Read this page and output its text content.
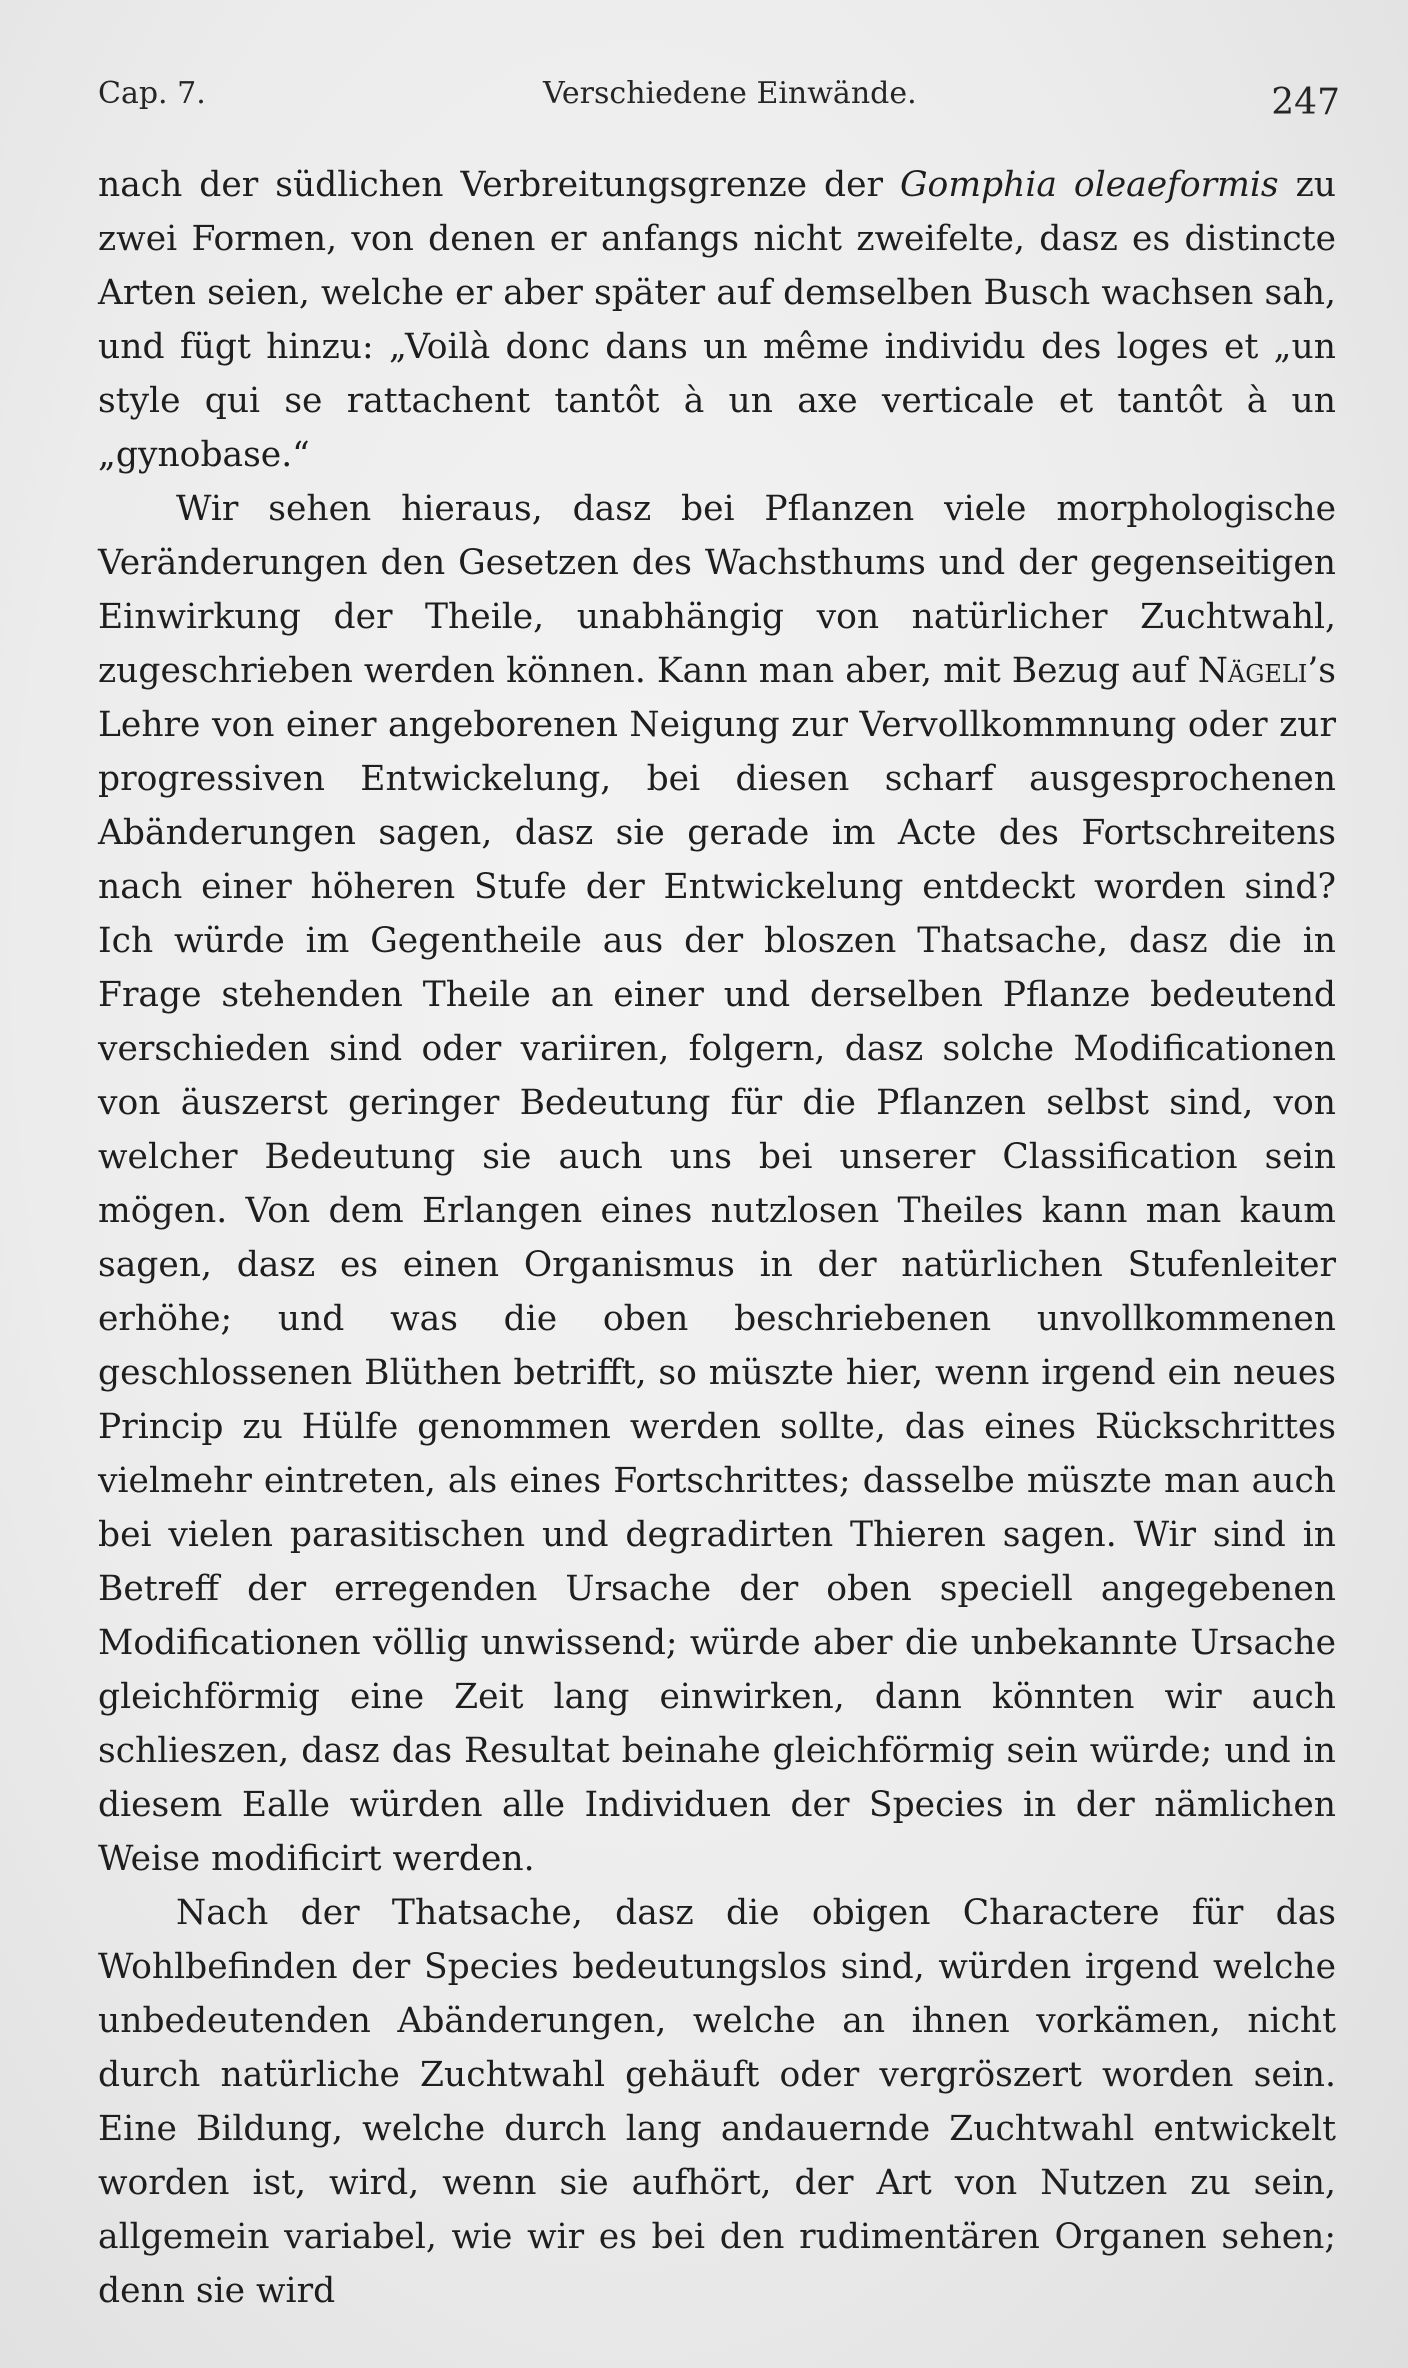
Cap. 7.	Verschiedene Einwände.	247

nach der südlichen Verbreitungsgrenze der Gomphia oleaeformis zu zwei Formen, von denen er anfangs nicht zweifelte, dasz es distincte Arten seien, welche er aber später auf demselben Busch wachsen sah, und fügt hinzu: „Voilà donc dans un même individu des loges et „un style qui se rattachent tantôt à un axe verticale et tantôt à un „gynobase.“

Wir sehen hieraus, dasz bei Pflanzen viele morphologische Veränderungen den Gesetzen des Wachsthums und der gegenseitigen Einwirkung der Theile, unabhängig von natürlicher Zuchtwahl, zugeschrieben werden können. Kann man aber, mit Bezug auf Nägeli’s Lehre von einer angeborenen Neigung zur Vervollkommnung oder zur progressiven Entwickelung, bei diesen scharf ausgesprochenen Abänderungen sagen, dasz sie gerade im Acte des Fortschreitens nach einer höheren Stufe der Entwickelung entdeckt worden sind? Ich würde im Gegentheile aus der bloszen Thatsache, dasz die in Frage stehenden Theile an einer und derselben Pflanze bedeutend verschieden sind oder variiren, folgern, dasz solche Modificationen von äuszerst geringer Bedeutung für die Pflanzen selbst sind, von welcher Bedeutung sie auch uns bei unserer Classification sein mögen. Von dem Erlangen eines nutzlosen Theiles kann man kaum sagen, dasz es einen Organismus in der natürlichen Stufenleiter erhöhe; und was die oben beschriebenen unvollkommenen geschlossenen Blüthen betrifft, so müszte hier, wenn irgend ein neues Princip zu Hülfe genommen werden sollte, das eines Rückschrittes vielmehr eintreten, als eines Fortschrittes; dasselbe müszte man auch bei vielen parasitischen und degradirten Thieren sagen. Wir sind in Betreff der erregenden Ursache der oben speciell angegebenen Modificationen völlig unwissend; würde aber die unbekannte Ursache gleichförmig eine Zeit lang einwirken, dann könnten wir auch schlieszen, dasz das Resultat beinahe gleichförmig sein würde; und in diesem Ealle würden alle Individuen der Species in der nämlichen Weise modificirt werden.

Nach der Thatsache, dasz die obigen Charactere für das Wohlbefinden der Species bedeutungslos sind, würden irgend welche unbedeutenden Abänderungen, welche an ihnen vorkämen, nicht durch natürliche Zuchtwahl gehäuft oder vergröszert worden sein. Eine Bildung, welche durch lang andauernde Zuchtwahl entwickelt worden ist, wird, wenn sie aufhört, der Art von Nutzen zu sein, allgemein variabel, wie wir es bei den rudimentären Organen sehen; denn sie wird
